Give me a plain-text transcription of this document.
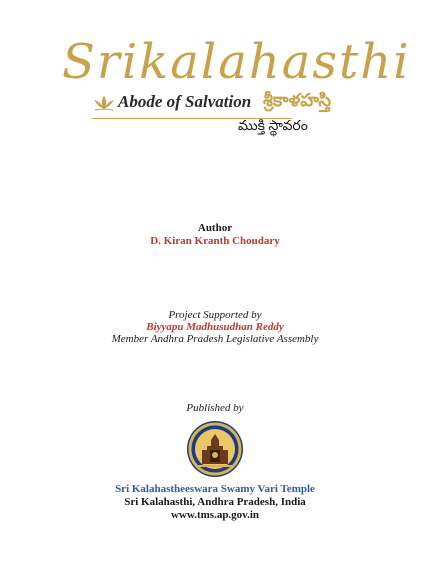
Srikalahasthi
Abode of Salvation శ్రీకాళహస్తి
ముక్తి స్థావరం
Author
D. Kiran Kranth Choudary
Project Supported by
Biyyapu Madhusudhan Reddy
Member Andhra Pradesh Legislative Assembly
Published by
Sri Kalahastheeswara Swamy Vari Temple
Sri Kalahasthi, Andhra Pradesh, India
www.tms.ap.gov.in
